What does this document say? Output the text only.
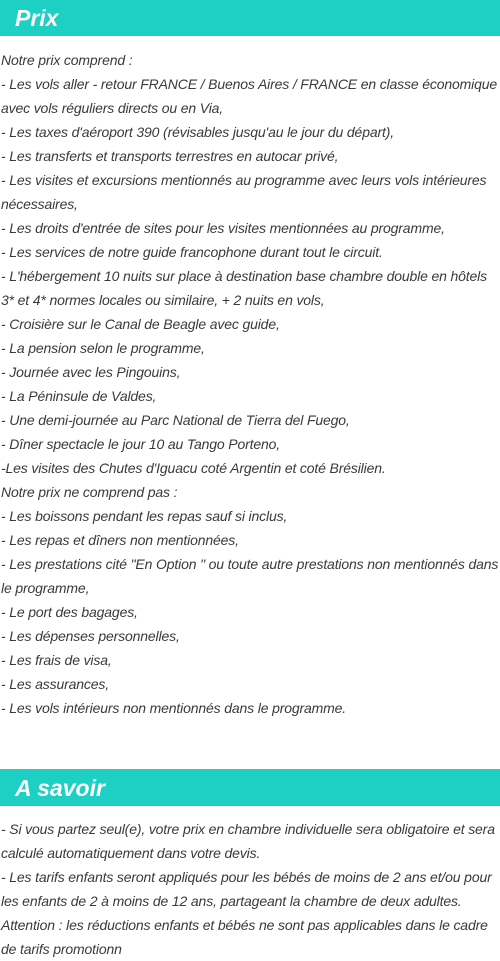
Prix
Notre prix comprend :
- Les vols aller - retour FRANCE / Buenos Aires / FRANCE en classe économique avec vols réguliers directs ou en Via,
- Les taxes d'aéroport 390 (révisables jusqu'au le jour du départ),
- Les transferts et transports terrestres en autocar privé,
- Les visites et excursions mentionnés au programme avec leurs vols intérieures nécessaires,
- Les droits d'entrée de sites pour les visites mentionnées au programme,
- Les services de notre guide francophone durant tout le circuit.
- L'hébergement 10 nuits sur place à destination base chambre double en hôtels 3* et 4* normes locales ou similaire, + 2 nuits en vols,
- Croisière sur le Canal de Beagle avec guide,
- La pension selon le programme,
- Journée avec les Pingouins,
- La Péninsule de Valdes,
- Une demi-journée au Parc National de Tierra del Fuego,
- Dîner spectacle le jour 10 au Tango Porteno,
-Les visites des Chutes d'Iguacu coté Argentin et coté Brésilien.
Notre prix ne comprend pas :
- Les boissons pendant les repas sauf si inclus,
- Les repas et dîners non mentionnées,
- Les prestations cité "En Option " ou toute autre prestations non mentionnés dans le programme,
- Le port des bagages,
- Les dépenses personnelles,
- Les frais de visa,
- Les assurances,
- Les vols intérieurs non mentionnés dans le programme.
A savoir
- Si vous partez seul(e), votre prix en chambre individuelle sera obligatoire et sera calculé automatiquement dans votre devis.
- Les tarifs enfants seront appliqués pour les bébés de moins de 2 ans et/ou pour les enfants de 2 à moins de 12 ans, partageant la chambre de deux adultes.
Attention : les réductions enfants et bébés ne sont pas applicables dans le cadre de tarifs promotionn
